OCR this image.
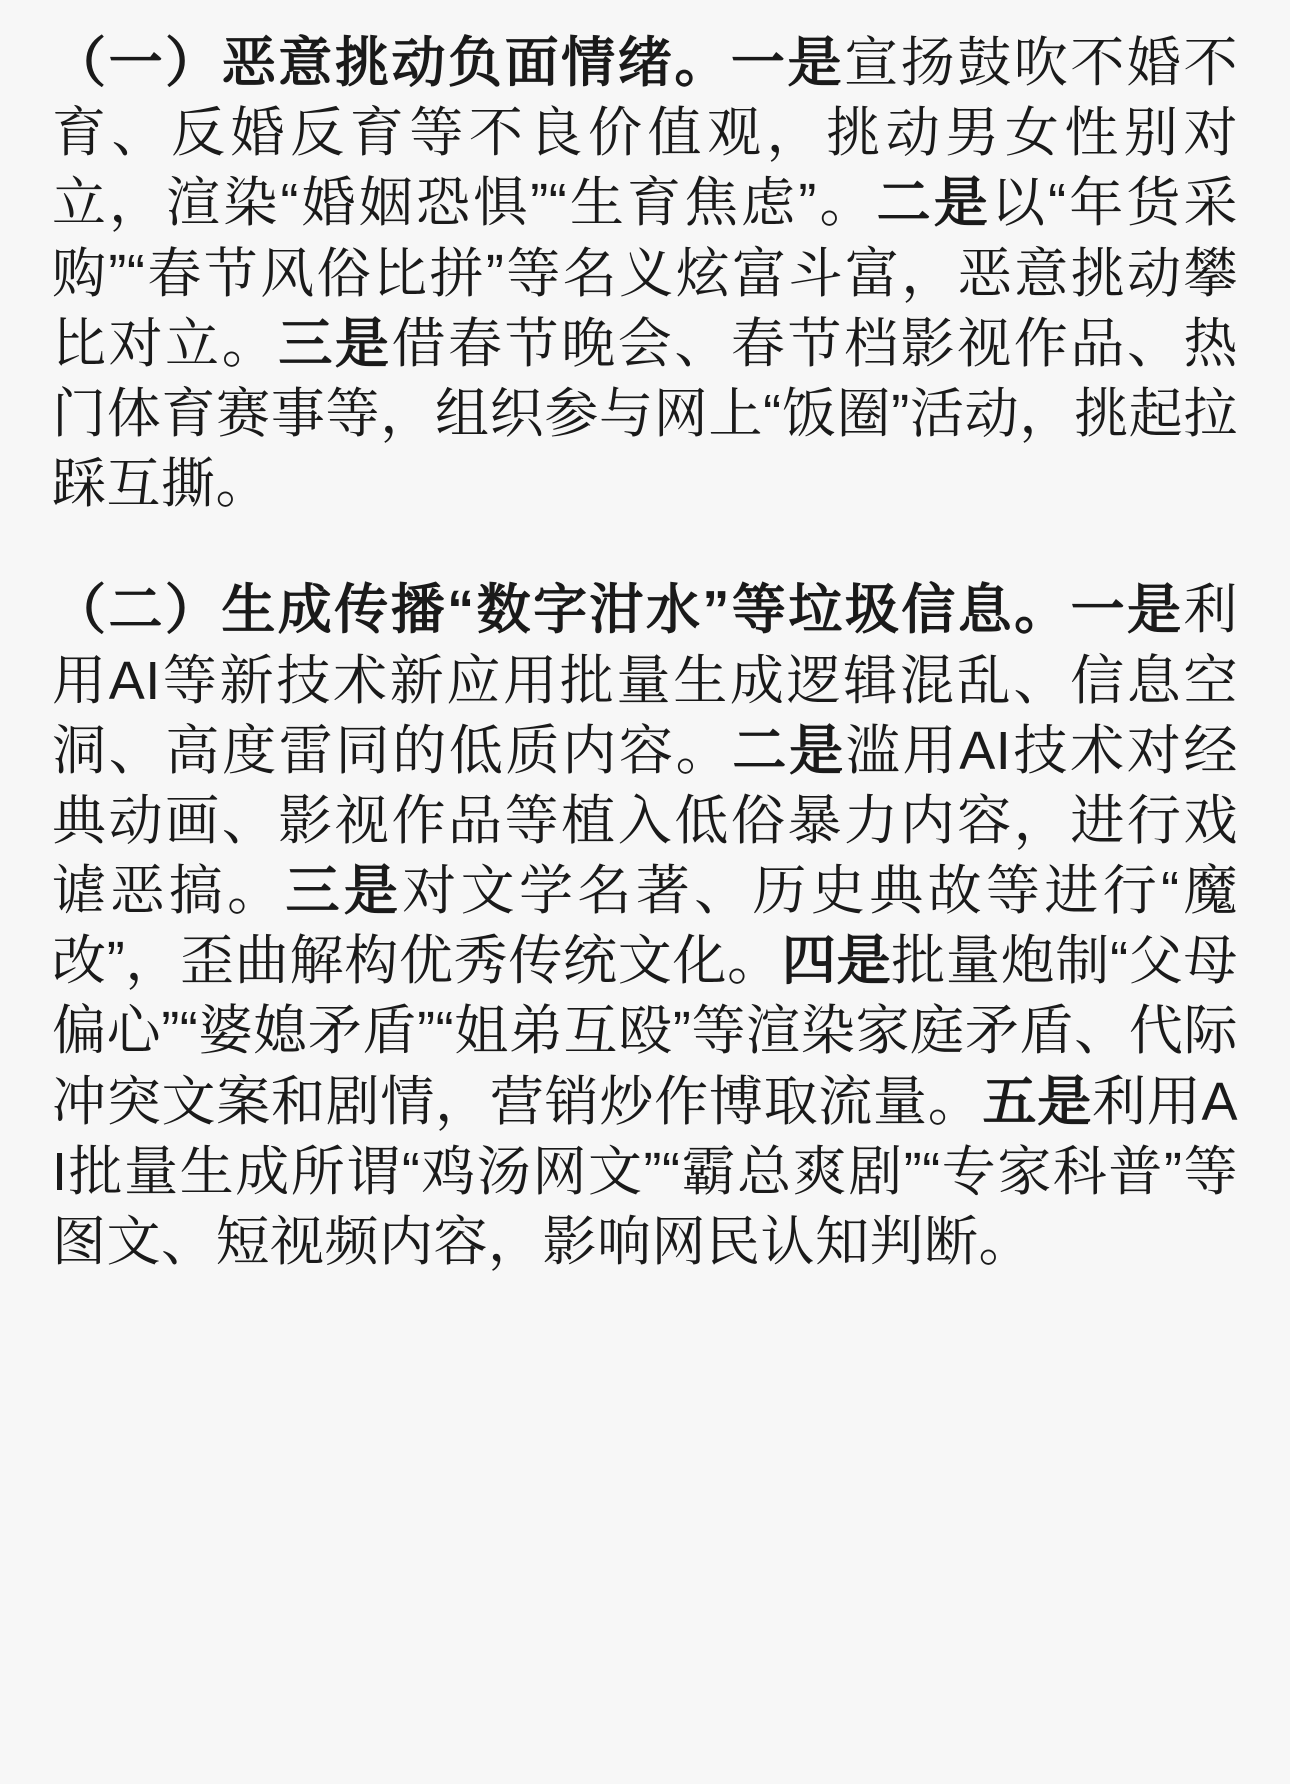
（一）恶意挑动负面情绪。一是宣扬鼓吹不婚不育、反婚反育等不良价值观，挑动男女性别对立，渲染“婚姻恐惧”“生育焦虑”。二是以“年货采购”“春节风俗比拼”等名义炫富斗富，恶意挑动攀比对立。三是借春节晚会、春节档影视作品、热门体育赛事等，组织参与网上“饭圈”活动，挑起拉踩互撕。

（二）生成传播“数字泔水”等垃圾信息。一是利用AI等新技术新应用批量生成逻辑混乱、信息空洞、高度雷同的低质内容。二是滥用AI技术对经典动画、影视作品等植入低俗暴力内容，进行戏谑恶搞。三是对文学名著、历史典故等进行“魔改”，歪曲解构优秀传统文化。四是批量炮制“父母偏心”“婆媳矛盾”“姐弟互殴”等渲染家庭矛盾、代际冲突文案和剧情，营销炒作博取流量。五是利用AI批量生成所谓“鸡汤网文”“霸总爽剧”“专家科普”等图文、短视频内容，影响网民认知判断。
